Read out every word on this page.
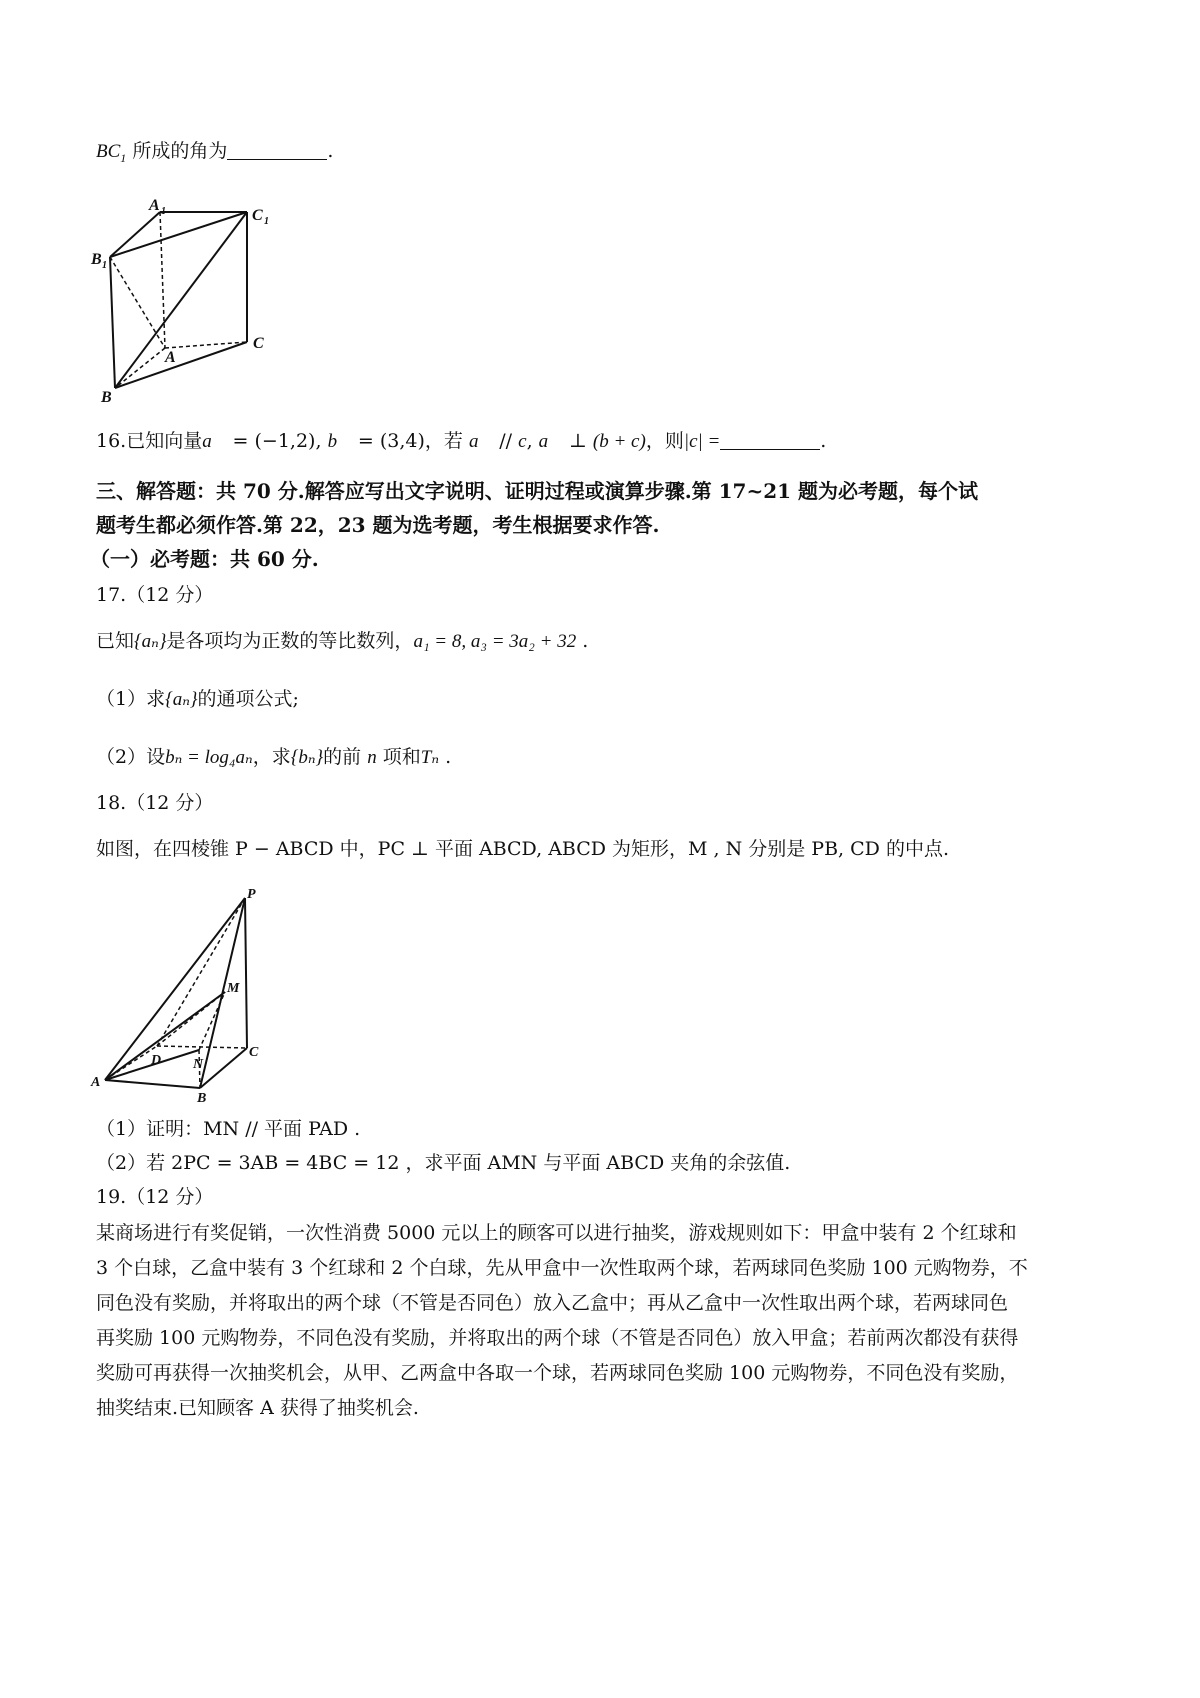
$BC_1$ 所成的角为	.
A 1	C 1
B 1
A
C
B
16.已知向量a⃗ = (−1,2), b⃗ = (3,4)，若 a⃗ // c, a⃗ ⊥ (b + c)，则|c| =	.
三、解答题：共 70 分.解答应写出文字说明、证明过程或演算步骤.第 17~21 题为必考题，每个试
题考生都必须作答.第 22，23 题为选考题，考生根据要求作答.
（一）必考题：共 60 分.
17.（12 分）
已知{aₙ}是各项均为正数的等比数列，a₁ = 8, a₃ = 3a₂ + 32 .
（1）求{aₙ}的通项公式;
（2）设bₙ = log₄aₙ，求{bₙ}的前 n 项和Tₙ .
18.（12 分）
如图，在四棱锥 P − ABCD 中，PC ⊥ 平面 ABCD, ABCD 为矩形，M , N 分别是 PB, CD 的中点.
P
M
D N
C
A
B
（1）证明：MN // 平面 PAD .
（2）若 2PC = 3AB = 4BC = 12 ，求平面 AMN 与平面 ABCD 夹角的余弦值.
19.（12 分）
某商场进行有奖促销，一次性消费 5000 元以上的顾客可以进行抽奖，游戏规则如下：甲盒中装有 2 个红球和
3 个白球，乙盒中装有 3 个红球和 2 个白球，先从甲盒中一次性取两个球，若两球同色奖励 100 元购物券，不
同色没有奖励，并将取出的两个球（不管是否同色）放入乙盒中；再从乙盒中一次性取出两个球，若两球同色
再奖励 100 元购物券，不同色没有奖励，并将取出的两个球（不管是否同色）放入甲盒；若前两次都没有获得
奖励可再获得一次抽奖机会，从甲、乙两盒中各取一个球，若两球同色奖励 100 元购物券，不同色没有奖励，
抽奖结束.已知顾客 A 获得了抽奖机会.
